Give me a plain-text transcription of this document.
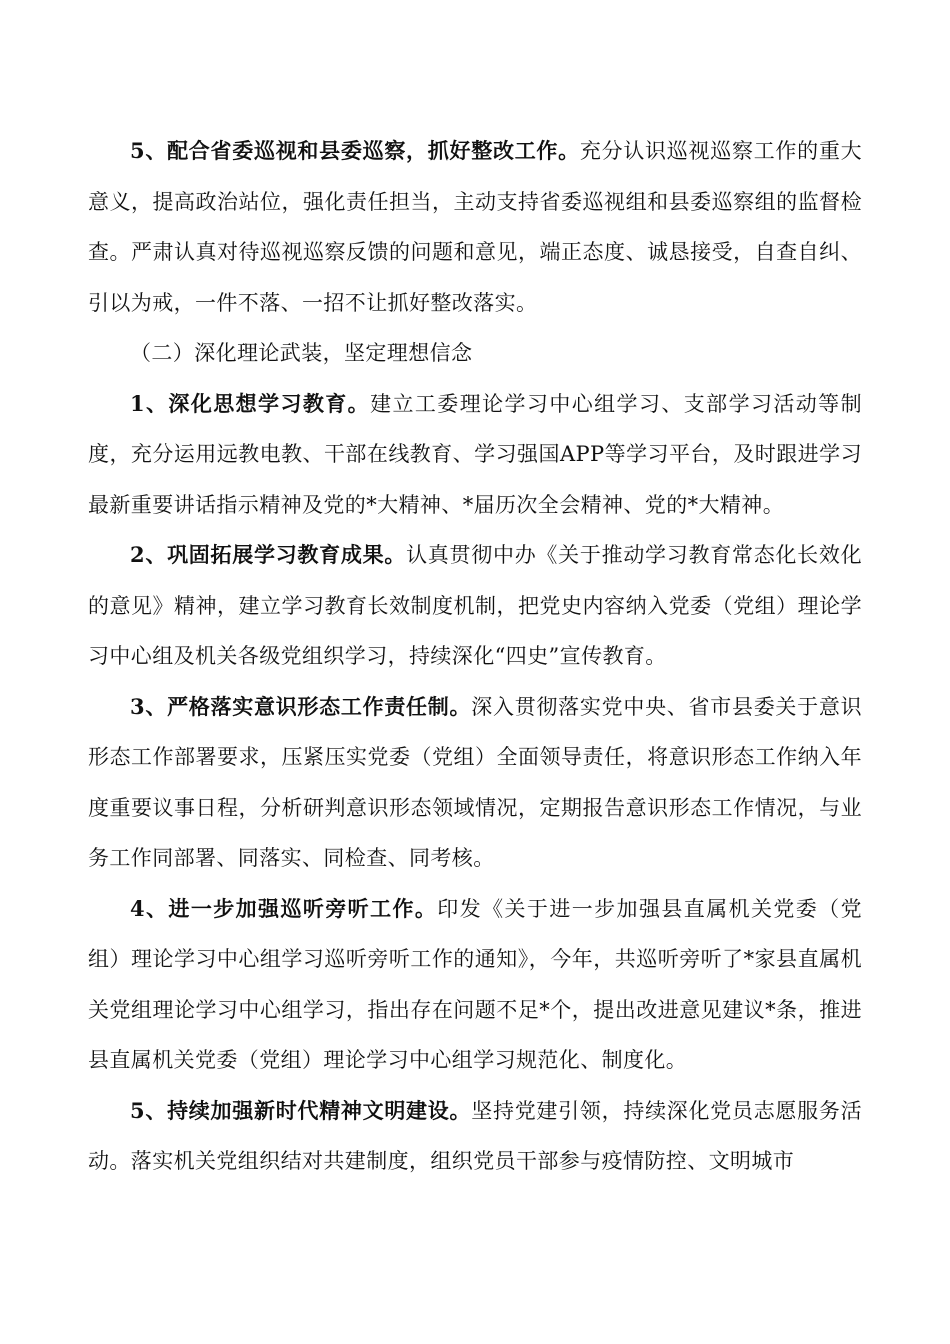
5、配合省委巡视和县委巡察，抓好整改工作。充分认识巡视巡察工作的重大意义，提高政治站位，强化责任担当，主动支持省委巡视组和县委巡察组的监督检查。严肃认真对待巡视巡察反馈的问题和意见，端正态度、诚恳接受，自查自纠、引以为戒，一件不落、一招不让抓好整改落实。

（二）深化理论武装，坚定理想信念

1、深化思想学习教育。建立工委理论学习中心组学习、支部学习活动等制度，充分运用远教电教、干部在线教育、学习强国APP等学习平台，及时跟进学习最新重要讲话指示精神及党的*大精神、*届历次全会精神、党的*大精神。

2、巩固拓展学习教育成果。认真贯彻中办《关于推动学习教育常态化长效化的意见》精神，建立学习教育长效制度机制，把党史内容纳入党委（党组）理论学习中心组及机关各级党组织学习，持续深化“四史”宣传教育。

3、严格落实意识形态工作责任制。深入贯彻落实党中央、省市县委关于意识形态工作部署要求，压紧压实党委（党组）全面领导责任，将意识形态工作纳入年度重要议事日程，分析研判意识形态领域情况，定期报告意识形态工作情况，与业务工作同部署、同落实、同检查、同考核。

4、进一步加强巡听旁听工作。印发《关于进一步加强县直属机关党委（党组）理论学习中心组学习巡听旁听工作的通知》，今年，共巡听旁听了*家县直属机关党组理论学习中心组学习，指出存在问题不足*个，提出改进意见建议*条，推进县直属机关党委（党组）理论学习中心组学习规范化、制度化。

5、持续加强新时代精神文明建设。坚持党建引领，持续深化党员志愿服务活动。落实机关党组织结对共建制度，组织党员干部参与疫情防控、文明城市
